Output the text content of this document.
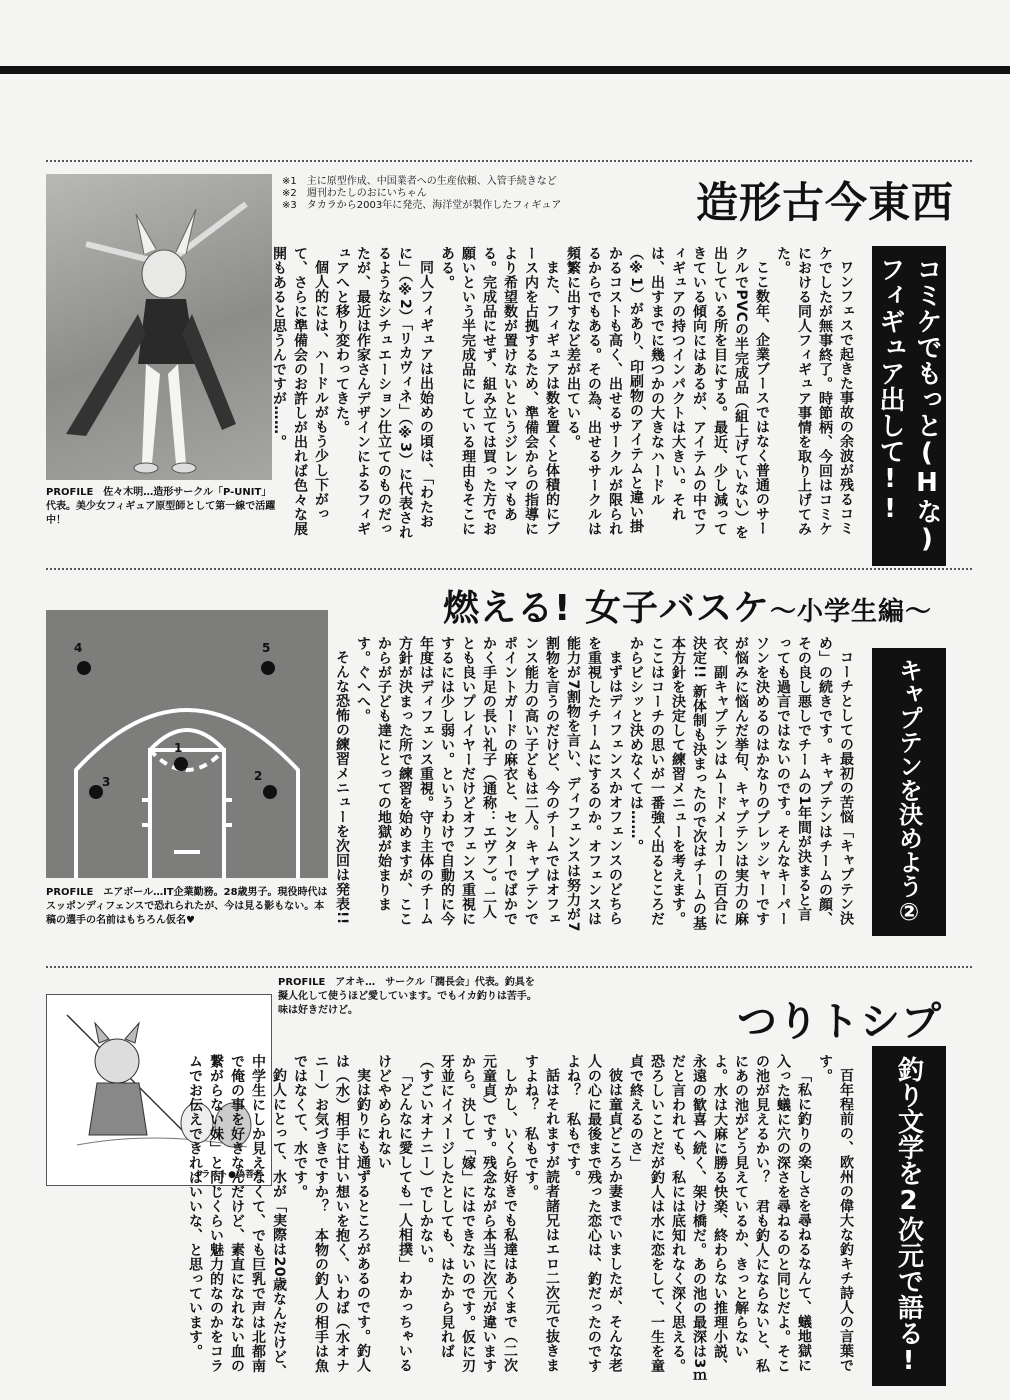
PROFILE　佐々木明…造形サークル「P-UNIT」代表。美少女フィギュア原型師として第一線で活躍中！
※1　主に原型作成、中国業者への生産依頼、入管手続きなど
※2　週刊わたしのおにいちゃん
※3　タカラから2003年に発売、海洋堂が製作したフィギュア	造形古今東西

ワンフェスで起きた事故の余波が残るコミケでしたが無事終了。時節柄、今回はコミケにおける同人フィギュア事情を取り上げてみた。

ここ数年、企業ブースではなく普通のサークルでPVCの半完成品（組上げていない）を出している所を目にする。最近、少し減ってきている傾向にはあるが、アイテムの中でフィギュアの持つインパクトは大きい。それは、出すまでに幾つかの大きなハードル（※1）があり、印刷物のアイテムと違い掛かるコストも高く、出せるサークルが限られるからでもある。その為、出せるサークルは頻繁に出すなど差が出ている。

また、フィギュアは数を置くと体積的にブース内を占拠するため、準備会からの指導により希望数が置けないというジレンマもある。完成品にせず、組み立ては買った方でお願いという半完成品にしている理由もそこにある。

同人フィギュアは出始めの頃は、「わたおに」（※2）「リカヴィネ」（※3）に代表されるようなシチュエーション仕立てのものだったが、最近は作家さんデザインによるフィギュアへと移り変わってきた。

個人的には、ハードルがもう少し下がって、さらに準備会のお許しが出れば色々な展開もあると思うんですが……。	コミケでもっと(Hな)フィギュア出して!!
1
2
3
4	5
PROFILE　エアボール…IT企業勤務。28歳男子。現役時代はスッポンディフェンスで恐れられたが、今は見る影もない。本稿の選手の名前はもちろん仮名♥
燃える! 女子バスケ〜小学生編〜

コーチとしての最初の苦悩「キャプテン決め」の続きです。キャプテンはチームの顔、その良し悪しでチームの1年間が決まると言っても過言ではないのです。そんなキーパーソンを決めるのはかなりのプレッシャーですが悩みに悩んだ挙句、キャプテンは実力の麻衣、副キャプテンはムードメーカーの百合に決定!! 新体制も決まったので次はチームの基本方針を決定して練習メニューを考えます。ここはコーチの思いが一番強く出るところだからビシッと決めなくては……。

まずはディフェンスかオフェンスのどちらを重視したチームにするのか。オフェンスは能力が7割物を言い、ディフェンスは努力が7割物を言うのだけど、今のチームではオフェンス能力の高い子どもは二人。キャプテンでポイントガードの麻衣と、センターでばかでかく手足の長い礼子（通称：エヴァ）。二人とも良いプレイヤーだけどオフェンス重視にするには少し弱い。というわけで自動的に今年度はディフェンス重視。守り主体のチーム方針が決まった所で練習を始めますが、ここからが子ども達にとっての地獄が始まります。ぐへへ。

そんな恐怖の練習メニューを次回は発表!!	キャプテンを決めよう
②
イラスト●偽菩者
PROFILE　アオキ…　サークル「潤長会」代表。釣具を擬人化して使うほど愛しています。でもイカ釣りは苦手。味は好きだけど。	つりトシプ

百年程前の、欧州の偉大な釣キチ詩人の言葉です。

「私に釣りの楽しさを尋ねるなんて、蟻地獄に入った蟻に穴の深さを尋ねるのと同じだよ。そこの池が見えるかい？　君も釣人にならないと、私にあの池がどう見えているか、きっと解らないよ。水は大麻に勝る快楽、終わらない推理小説、永遠の歓喜へ続く、架け橋だ。あの池の最深は3ｍだと言われても、私には底知れなく深く思える。恐ろしいことだが釣人は水に恋をして、一生を童貞で終えるのさ」

彼は童貞どころか妻までいましたが、そんな老人の心に最後まで残った恋心は、釣だったのですよね？　私もです。

話はそれますが読者諸兄はエロ二次元で抜きますよね？　私もです。

しかし、いくら好きでも私達はあくまで（二次元童貞）です。残念ながら本当に次元が違いますから。決して「嫁」にはできないのです。仮に刃牙並にイメージしたとしても、はたから見れば（すごいオナニー）でしかない。

「どんなに愛しても一人相撲」わかっちゃいるけどやめられない

実は釣りにも通ずるところがあるのです。釣人は（水）相手に甘い想いを抱く、いわば（水オナニー）お気づきですか？　本物の釣人の相手は魚ではなくて、水です。

釣人にとって、水が「実際は20歳なんだけど、中学生にしか見えなくて、でも巨乳で声は北都南で俺の事を好きなんだけど、素直になれない血の繋がらない妹」と同じくらい魅力的なのかをコラムでお伝えできればいいな、と思っています。	釣り文学を2次元で語る!
